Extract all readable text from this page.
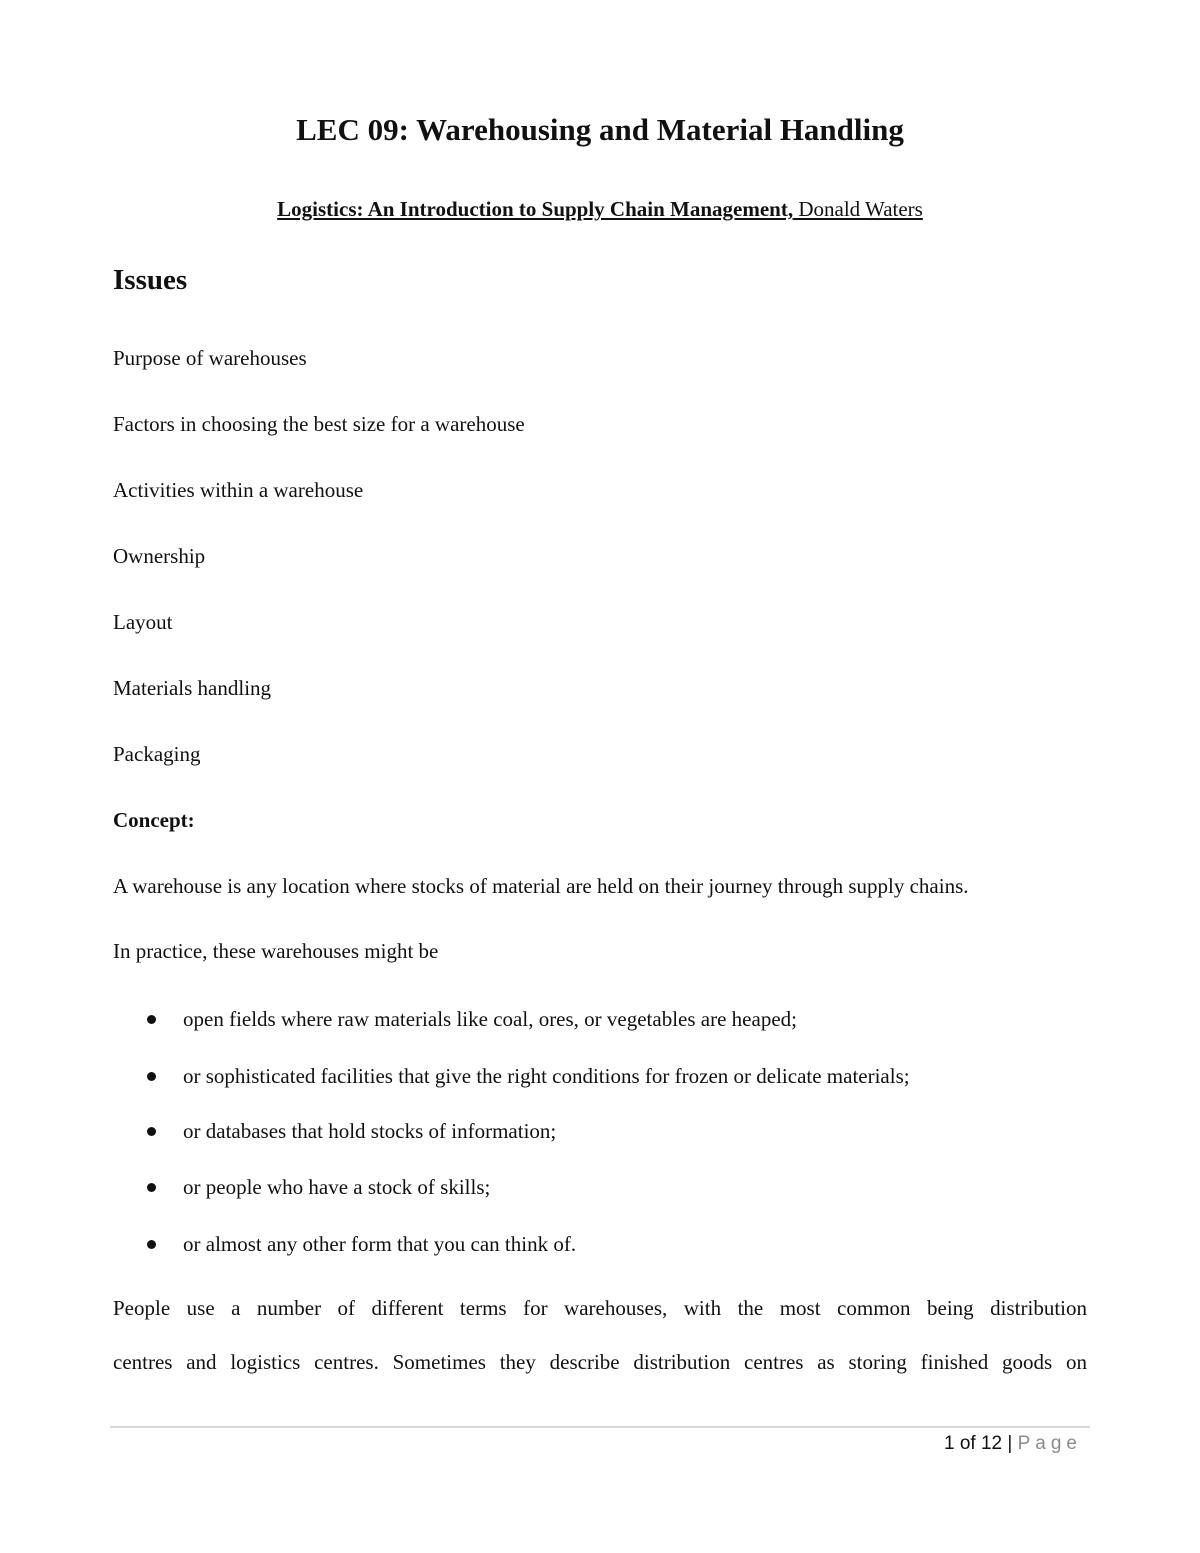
LEC 09: Warehousing and Material Handling
Logistics: An Introduction to Supply Chain Management, Donald Waters
Issues
Purpose of warehouses
Factors in choosing the best size for a warehouse
Activities within a warehouse
Ownership
Layout
Materials handling
Packaging
Concept:
A warehouse is any location where stocks of material are held on their journey through supply chains.
In practice, these warehouses might be
open fields where raw materials like coal, ores, or vegetables are heaped;
or sophisticated facilities that give the right conditions for frozen or delicate materials;
or databases that hold stocks of information;
or people who have a stock of skills;
or almost any other form that you can think of.
People use a number of different terms for warehouses, with the most common being distribution
centres and logistics centres. Sometimes they describe distribution centres as storing finished goods on
1 of 12 | Page
